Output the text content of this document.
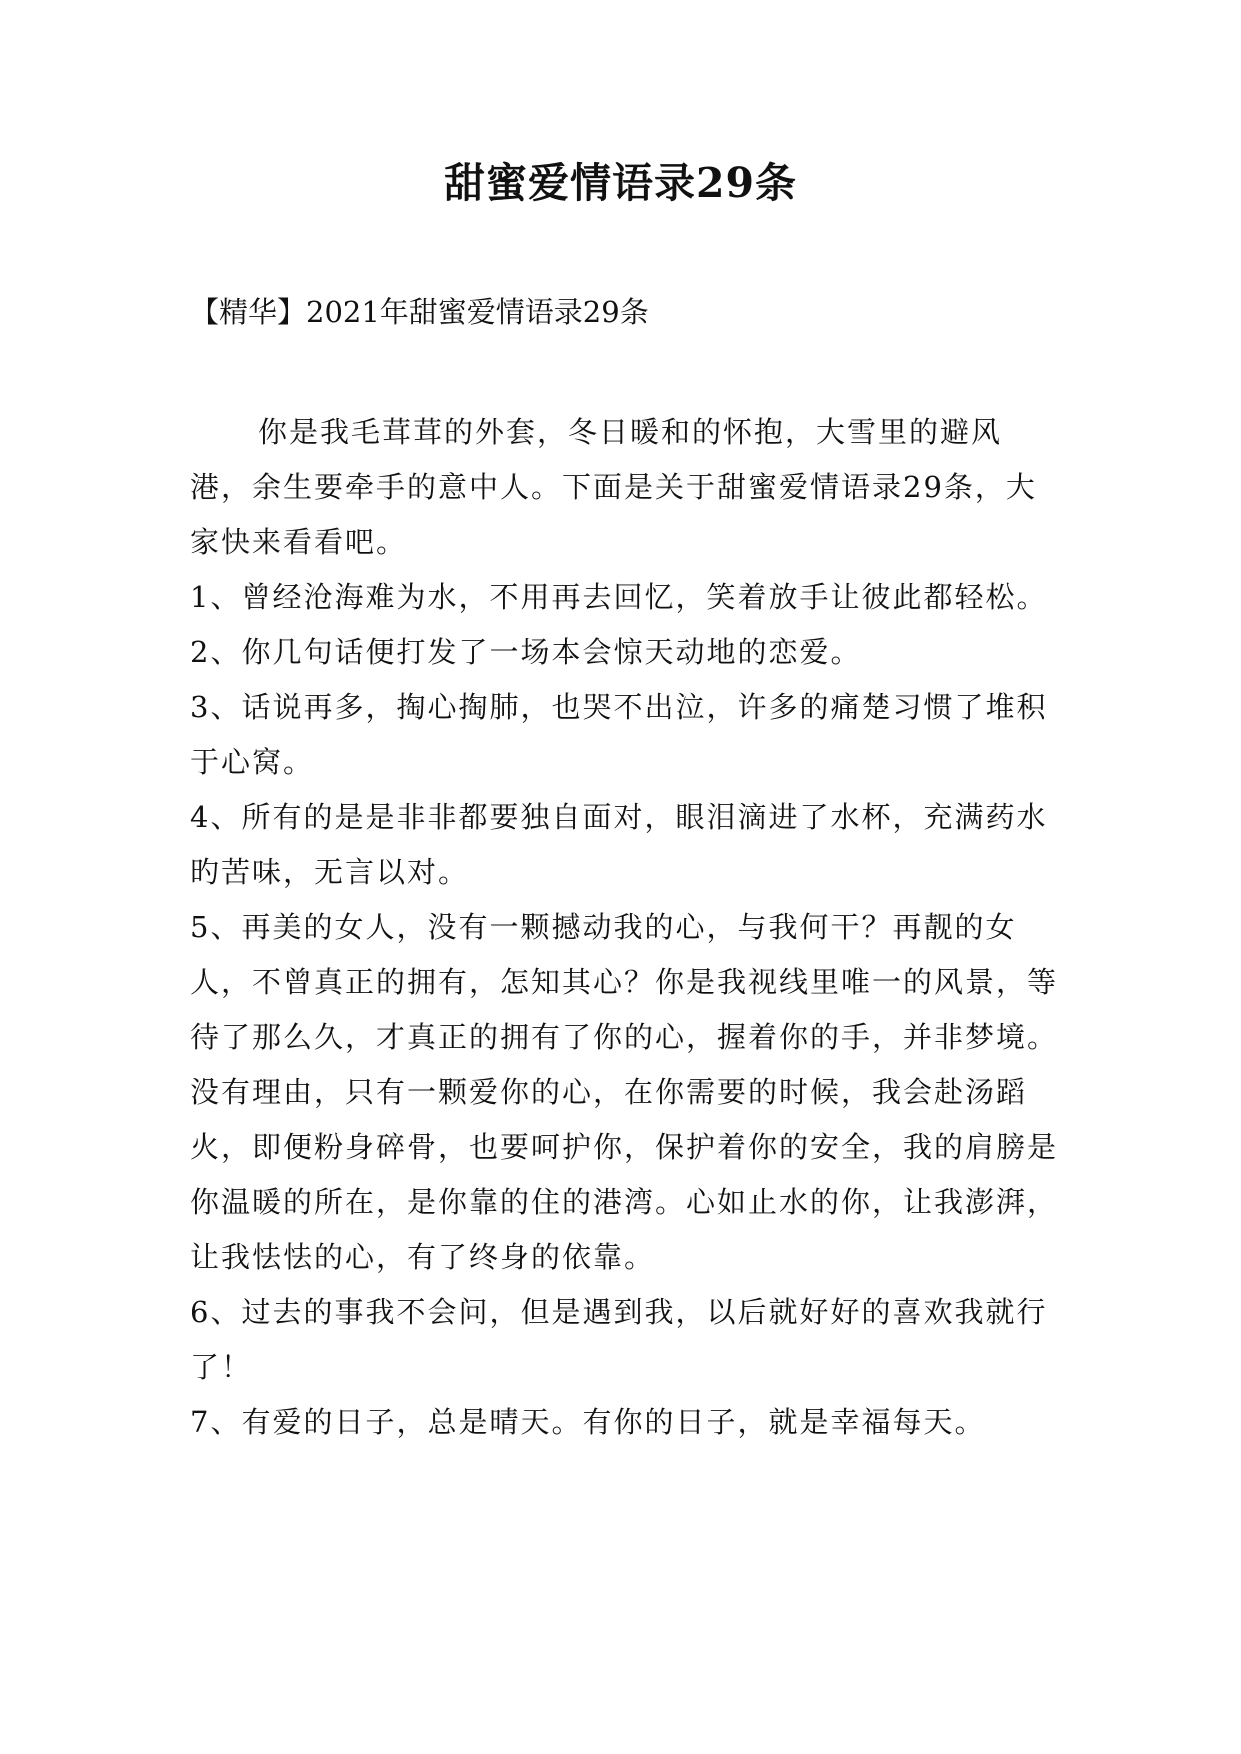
甜蜜爱情语录29条
【精华】2021年甜蜜爱情语录29条

你是我毛茸茸的外套，冬日暖和的怀抱，大雪里的避风港，余生要牵手的意中人。下面是关于甜蜜爱情语录29条，大家快来看看吧。

1、曾经沧海难为水，不用再去回忆，笑着放手让彼此都轻松。

2、你几句话便打发了一场本会惊天动地的恋爱。

3、话说再多，掏心掏肺，也哭不出泣，许多的痛楚习惯了堆积于心窝。

4、所有的是是非非都要独自面对，眼泪滴进了水杯，充满药水旳苦味，无言以对。

5、再美的女人，没有一颗撼动我的心，与我何干？再靓的女人，不曾真正的拥有，怎知其心？你是我视线里唯一的风景，等待了那么久，才真正的拥有了你的心，握着你的手，并非梦境。没有理由，只有一颗爱你的心，在你需要的时候，我会赴汤蹈火，即便粉身碎骨，也要呵护你，保护着你的安全，我的肩膀是你温暖的所在，是你靠的住的港湾。心如止水的你，让我澎湃，让我怯怯的心，有了终身的依靠。

6、过去的事我不会问，但是遇到我，以后就好好的喜欢我就行了！

7、有爱的日子，总是晴天。有你的日子，就是幸福每天。
